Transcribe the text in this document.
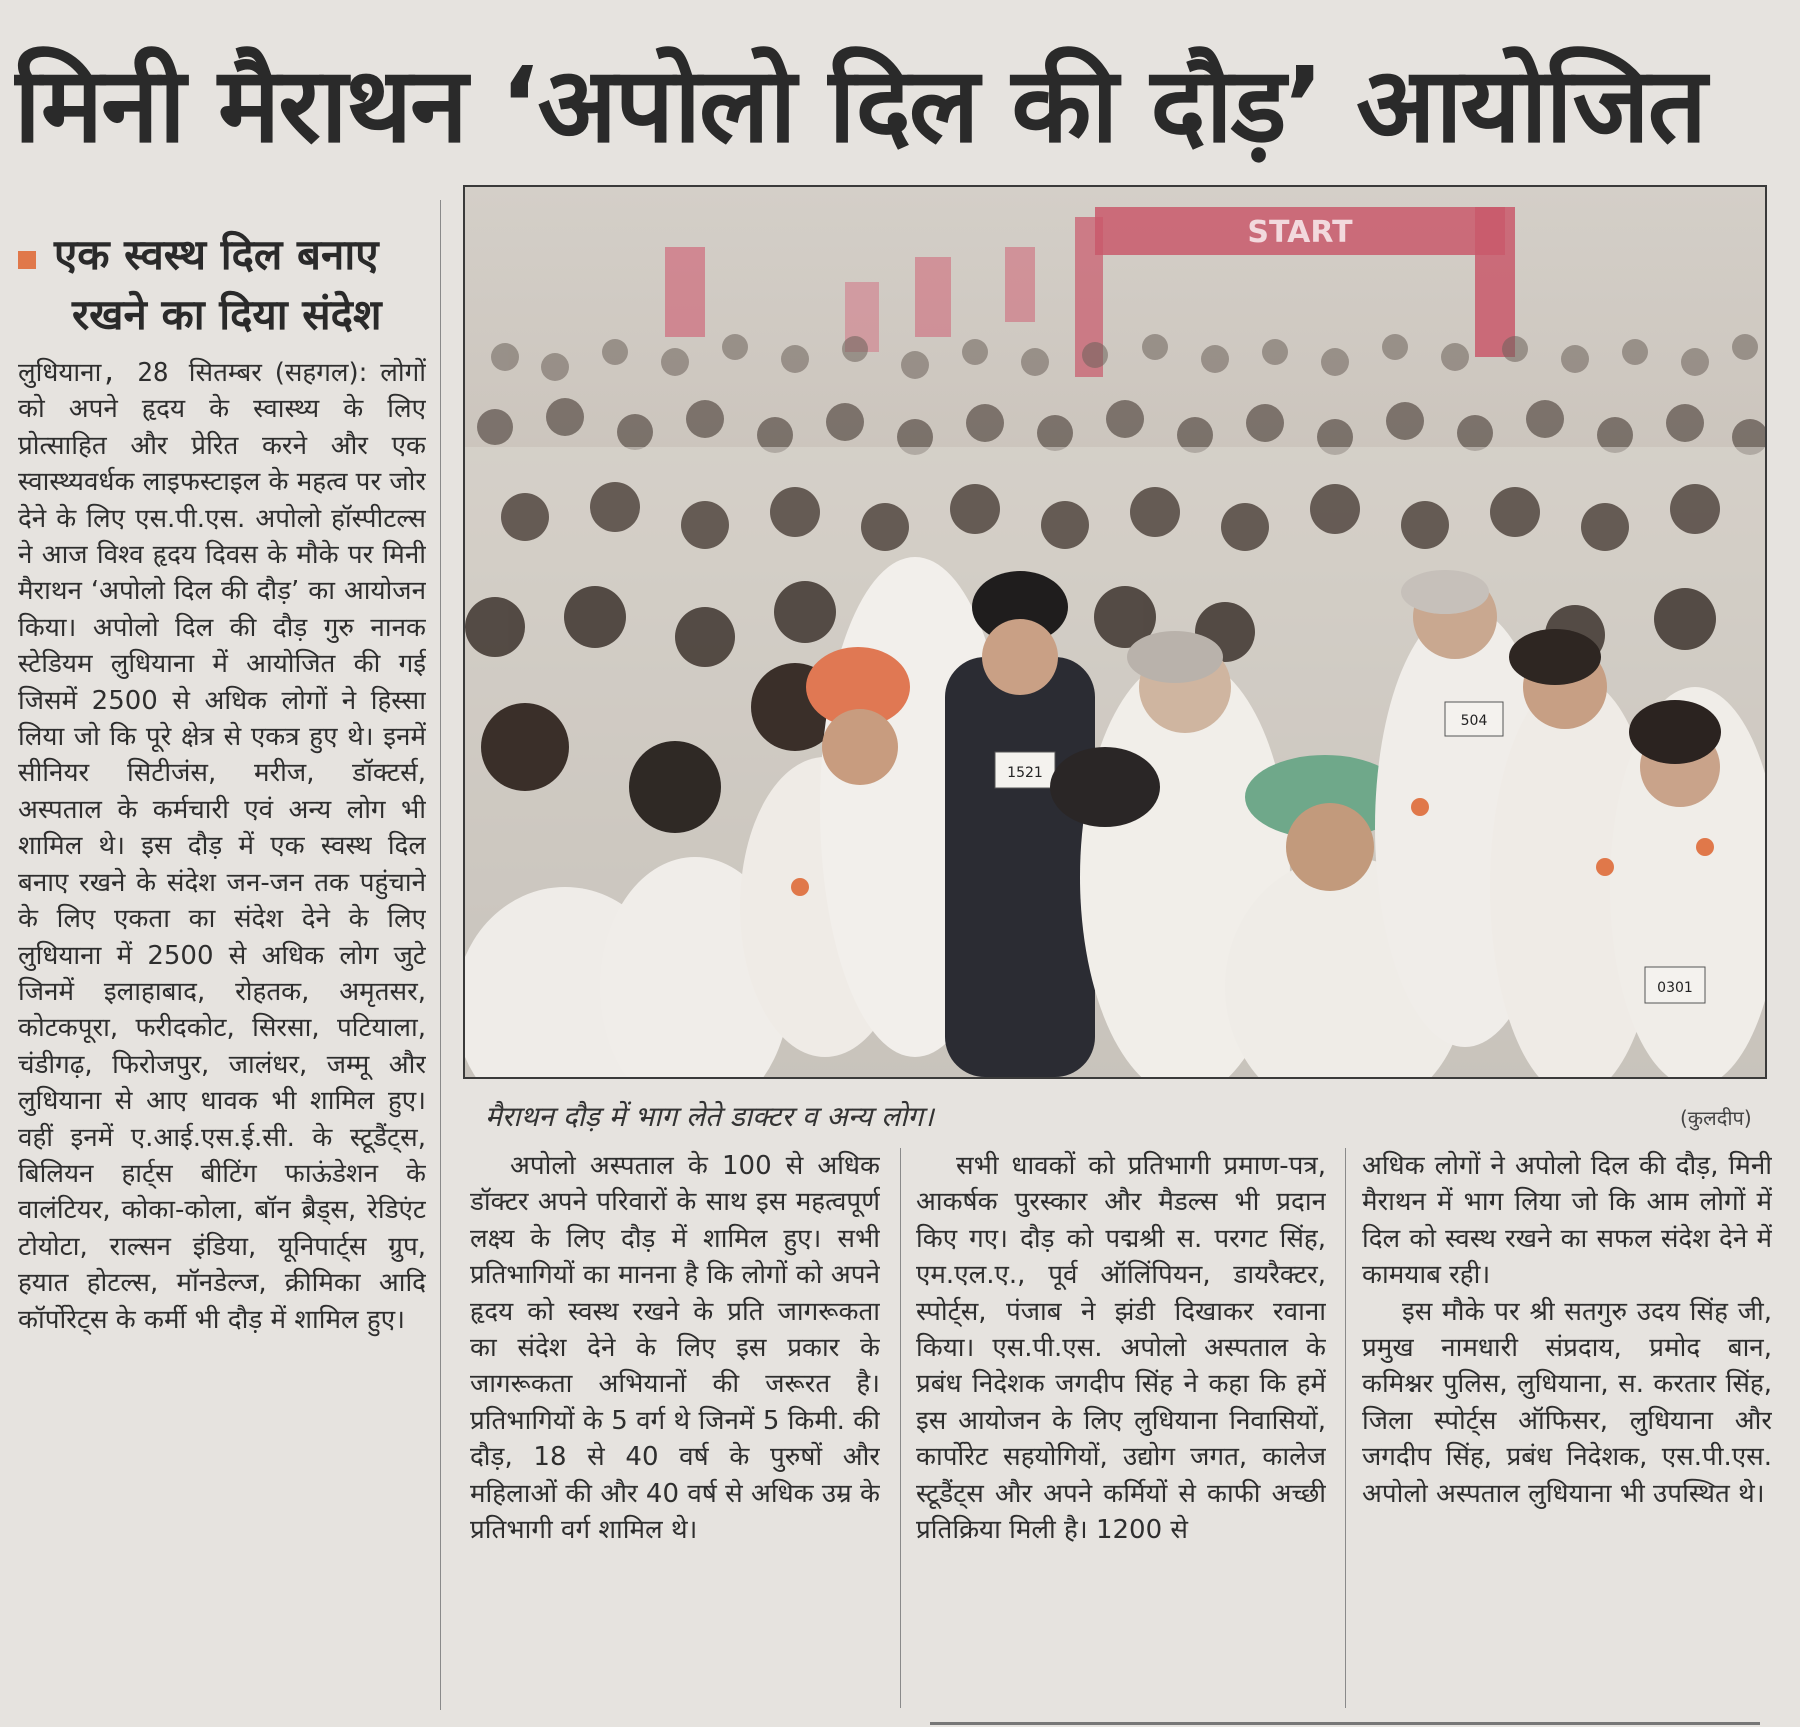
मिनी मैराथन ‘अपोलो दिल की दौड़’ आयोजित
एक स्वस्थ दिल बनाए
रखने का दिया संदेश

लुधियाना, 28 सितम्बर (सहगल): लोगों को अपने हृदय के स्वास्थ्य के लिए प्रोत्साहित और प्रेरित करने और एक स्वास्थ्यवर्धक लाइफस्टाइल के महत्व पर जोर देने के लिए एस.पी.एस. अपोलो हॉस्पीटल्स ने आज विश्व हृदय दिवस के मौके पर मिनी मैराथन ‘अपोलो दिल की दौड़’ का आयोजन किया। अपोलो दिल की दौड़ गुरु नानक स्टेडियम लुधियाना में आयोजित की गई जिसमें 2500 से अधिक लोगों ने हिस्सा लिया जो कि पूरे क्षेत्र से एकत्र हुए थे। इनमें सीनियर सिटीजंस, मरीज, डॉक्टर्स, अस्पताल के कर्मचारी एवं अन्य लोग भी शामिल थे। इस दौड़ में एक स्वस्थ दिल बनाए रखने के संदेश जन-जन तक पहुंचाने के लिए एकता का संदेश देने के लिए लुधियाना में 2500 से अधिक लोग जुटे जिनमें इलाहाबाद, रोहतक, अमृतसर, कोटकपूरा, फरीदकोट, सिरसा, पटियाला, चंडीगढ़, फिरोजपुर, जालंधर, जम्मू और लुधियाना से आए धावक भी शामिल हुए। वहीं इनमें ए.आई.एस.ई.सी. के स्टूडैंट्स, बिलियन हार्ट्स बीटिंग फाऊंडेशन के वालंटियर, कोका-कोला, बॉन ब्रैड्स, रेडिएंट टोयोटा, राल्सन इंडिया, यूनिपार्ट्स ग्रुप, हयात होटल्स, मॉनडेल्ज, क्रीमिका आदि कॉर्पोरेट्स के कर्मी भी दौड़ में शामिल हुए।

START
1521
504
0301

मैराथन दौड़ में भाग लेते डाक्टर व अन्य लोग।	(कुलदीप)

अपोलो अस्पताल के 100 से अधिक डॉक्टर अपने परिवारों के साथ इस महत्वपूर्ण लक्ष्य के लिए दौड़ में शामिल हुए। सभी प्रतिभागियों का मानना है कि लोगों को अपने हृदय को स्वस्थ रखने के प्रति जागरूकता का संदेश देने के लिए इस प्रकार के जागरूकता अभियानों की जरूरत है। प्रतिभागियों के 5 वर्ग थे जिनमें 5 किमी. की दौड़, 18 से 40 वर्ष के पुरुषों और महिलाओं की और 40 वर्ष से अधिक उम्र के प्रतिभागी वर्ग शामिल थे।

सभी धावकों को प्रतिभागी प्रमाण-पत्र, आकर्षक पुरस्कार और मैडल्स भी प्रदान किए गए। दौड़ को पद्मश्री स. परगट सिंह, एम.एल.ए., पूर्व ऑलिंपियन, डायरैक्टर, स्पोर्ट्स, पंजाब ने झंडी दिखाकर रवाना किया। एस.पी.एस. अपोलो अस्पताल के प्रबंध निदेशक जगदीप सिंह ने कहा कि हमें इस आयोजन के लिए लुधियाना निवासियों, कार्पोरेट सहयोगियों, उद्योग जगत, कालेज स्टूडैंट्स और अपने कर्मियों से काफी अच्छी प्रतिक्रिया मिली है। 1200 से

अधिक लोगों ने अपोलो दिल की दौड़, मिनी मैराथन में भाग लिया जो कि आम लोगों में दिल को स्वस्थ रखने का सफल संदेश देने में कामयाब रही।

इस मौके पर श्री सतगुरु उदय सिंह जी, प्रमुख नामधारी संप्रदाय, प्रमोद बान, कमिश्नर पुलिस, लुधियाना, स. करतार सिंह, जिला स्पोर्ट्स ऑफिसर, लुधियाना और जगदीप सिंह, प्रबंध निदेशक, एस.पी.एस. अपोलो अस्पताल लुधियाना भी उपस्थित थे।
